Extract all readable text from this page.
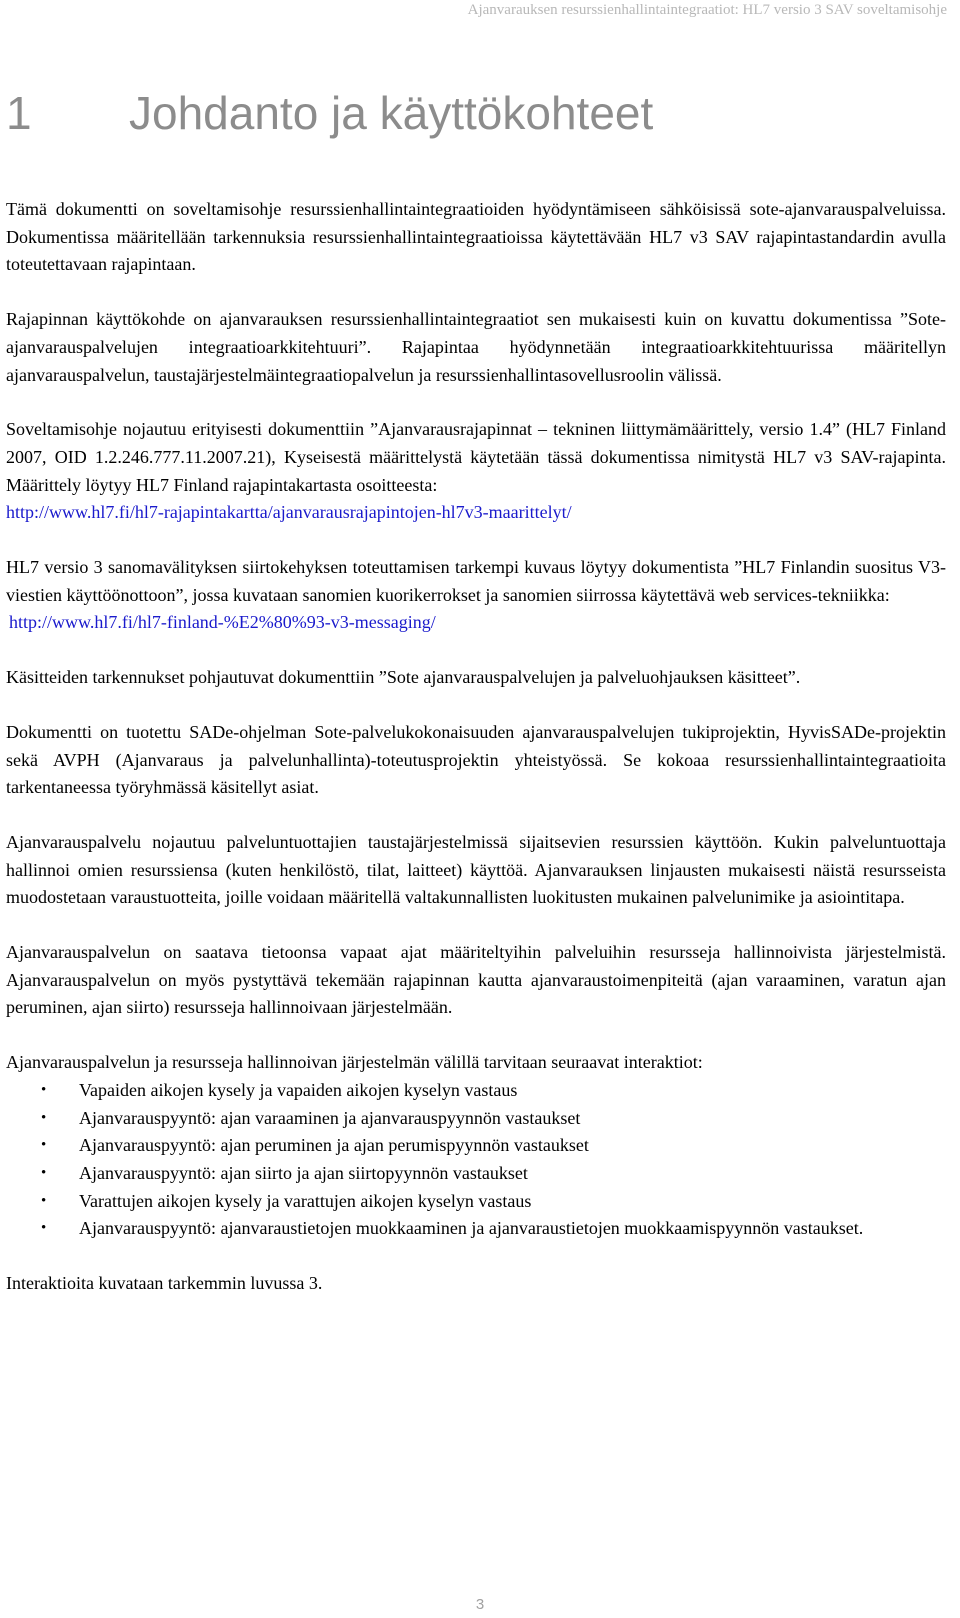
Ajanvarauksen resurssienhallintaintegraatiot: HL7 versio 3 SAV soveltamisohje
1 Johdanto ja käyttökohteet

Tämä dokumentti on soveltamisohje resurssienhallintaintegraatioiden hyödyntämiseen sähköisissä sote-ajanvarauspalveluissa. Dokumentissa määritellään tarkennuksia resurssienhallintaintegraatioissa käytettävään HL7 v3 SAV rajapintastandardin avulla toteutettavaan rajapintaan.

Rajapinnan käyttökohde on ajanvarauksen resurssienhallintaintegraatiot sen mukaisesti kuin on kuvattu dokumentissa ”Sote-ajanvarauspalvelujen integraatioarkkitehtuuri”. Rajapintaa hyödynnetään integraatioarkkitehtuurissa määritellyn ajanvarauspalvelun, taustajärjestelmäintegraatiopalvelun ja resurssienhallintasovellusroolin välissä.

Soveltamisohje nojautuu erityisesti dokumenttiin ”Ajanvarausrajapinnat – tekninen liittymämäärittely, versio 1.4” (HL7 Finland 2007, OID 1.2.246.777.11.2007.21), Kyseisestä määrittelystä käytetään tässä dokumentissa nimitystä HL7 v3 SAV-rajapinta. Määrittely löytyy HL7 Finland rajapintakartasta osoitteesta:
http://www.hl7.fi/hl7-rajapintakartta/ajanvarausrajapintojen-hl7v3-maarittelyt/

HL7 versio 3 sanomavälityksen siirtokehyksen toteuttamisen tarkempi kuvaus löytyy dokumentista ”HL7 Finlandin suositus V3-viestien käyttöönottoon”, jossa kuvataan sanomien kuorikerrokset ja sanomien siirrossa käytettävä web services-tekniikka:
http://www.hl7.fi/hl7-finland-%E2%80%93-v3-messaging/

Käsitteiden tarkennukset pohjautuvat dokumenttiin ”Sote ajanvarauspalvelujen ja palveluohjauksen käsitteet”.

Dokumentti on tuotettu SADe-ohjelman Sote-palvelukokonaisuuden ajanvarauspalvelujen tukiprojektin, HyvisSADe-projektin sekä AVPH (Ajanvaraus ja palvelunhallinta)-toteutusprojektin yhteistyössä. Se kokoaa resurssienhallintaintegraatioita tarkentaneessa työryhmässä käsitellyt asiat.

Ajanvarauspalvelu nojautuu palveluntuottajien taustajärjestelmissä sijaitsevien resurssien käyttöön. Kukin palveluntuottaja hallinnoi omien resurssiensa (kuten henkilöstö, tilat, laitteet) käyttöä. Ajanvarauksen linjausten mukaisesti näistä resursseista muodostetaan varaustuotteita, joille voidaan määritellä valtakunnallisten luokitusten mukainen palvelunimike ja asiointitapa.

Ajanvarauspalvelun on saatava tietoonsa vapaat ajat määriteltyihin palveluihin resursseja hallinnoivista järjestelmistä. Ajanvarauspalvelun on myös pystyttävä tekemään rajapinnan kautta ajanvaraustoimenpiteitä (ajan varaaminen, varatun ajan peruminen, ajan siirto) resursseja hallinnoivaan järjestelmään.

Ajanvarauspalvelun ja resursseja hallinnoivan järjestelmän välillä tarvitaan seuraavat interaktiot:

• Vapaiden aikojen kysely ja vapaiden aikojen kyselyn vastaus
• Ajanvarauspyyntö: ajan varaaminen ja ajanvarauspyynnön vastaukset
• Ajanvarauspyyntö: ajan peruminen ja ajan perumispyynnön vastaukset
• Ajanvarauspyyntö: ajan siirto ja ajan siirtopyynnön vastaukset
• Varattujen aikojen kysely ja varattujen aikojen kyselyn vastaus
• Ajanvarauspyyntö: ajanvaraustietojen muokkaaminen ja ajanvaraustietojen muokkaamispyynnön vastaukset.

Interaktioita kuvataan tarkemmin luvussa 3.

3
